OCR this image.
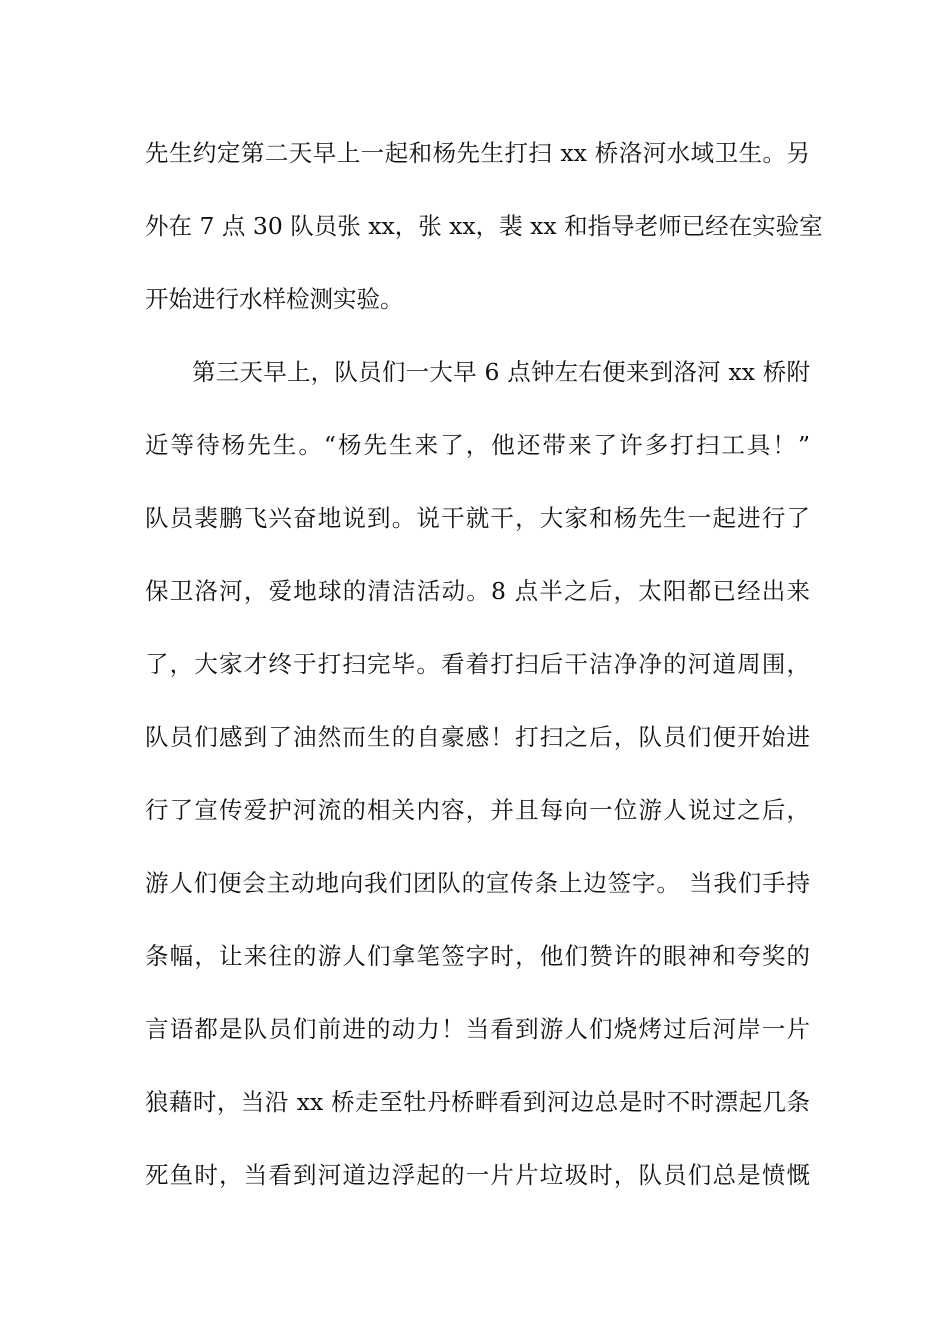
先生约定第二天早上一起和杨先生打扫 xx 桥洛河水域卫生。另
外在 7 点 30 队员张 xx，张 xx，裴 xx 和指导老师已经在实验室
开始进行水样检测实验。
第三天早上，队员们一大早 6 点钟左右便来到洛河 xx 桥附
近等待杨先生。“杨先生来了，他还带来了许多打扫工具！”
队员裴鹏飞兴奋地说到。说干就干，大家和杨先生一起进行了
保卫洛河，爱地球的清洁活动。8 点半之后，太阳都已经出来
了，大家才终于打扫完毕。看着打扫后干洁净净的河道周围，
队员们感到了油然而生的自豪感！打扫之后，队员们便开始进
行了宣传爱护河流的相关内容，并且每向一位游人说过之后，
游人们便会主动地向我们团队的宣传条上边签字。 当我们手持
条幅，让来往的游人们拿笔签字时，他们赞许的眼神和夸奖的
言语都是队员们前进的动力！当看到游人们烧烤过后河岸一片
狼藉时，当沿 xx 桥走至牡丹桥畔看到河边总是时不时漂起几条
死鱼时，当看到河道边浮起的一片片垃圾时，队员们总是愤慨
